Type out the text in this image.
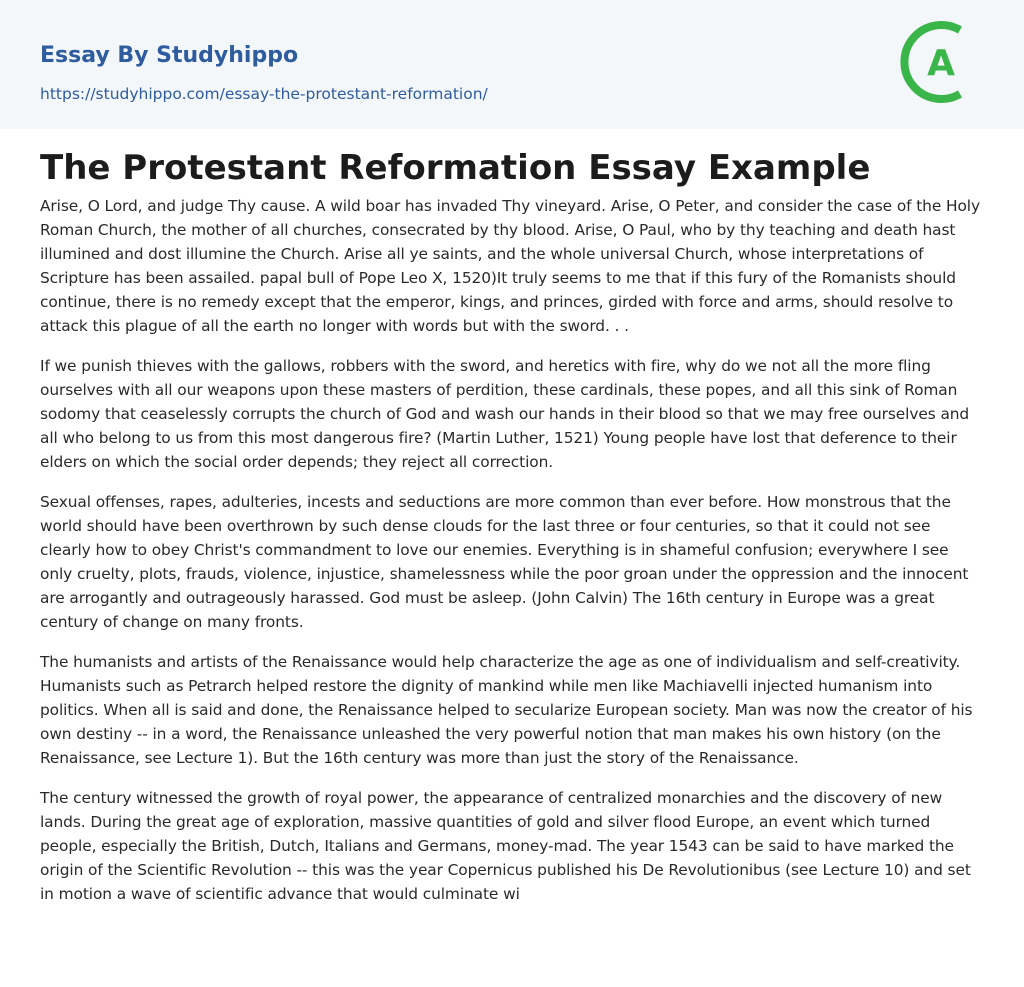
Essay By Studyhippo
https://studyhippo.com/essay-the-protestant-reformation/
A
The Protestant Reformation Essay Example

Arise, O Lord, and judge Thy cause. A wild boar has invaded Thy vineyard. Arise, O Peter, and consider the case of the Holy Roman Church, the mother of all churches, consecrated by thy blood. Arise, O Paul, who by thy teaching and death hast illumined and dost illumine the Church. Arise all ye saints, and the whole universal Church, whose interpretations of Scripture has been assailed. papal bull of Pope Leo X, 1520)It truly seems to me that if this fury of the Romanists should continue, there is no remedy except that the emperor, kings, and princes, girded with force and arms, should resolve to attack this plague of all the earth no longer with words but with the sword. . .

If we punish thieves with the gallows, robbers with the sword, and heretics with fire, why do we not all the more fling ourselves with all our weapons upon these masters of perdition, these cardinals, these popes, and all this sink of Roman sodomy that ceaselessly corrupts the church of God and wash our hands in their blood so that we may free ourselves and all who belong to us from this most dangerous fire? (Martin Luther, 1521) Young people have lost that deference to their elders on which the social order depends; they reject all correction.

Sexual offenses, rapes, adulteries, incests and seductions are more common than ever before. How monstrous that the world should have been overthrown by such dense clouds for the last three or four centuries, so that it could not see clearly how to obey Christ's commandment to love our enemies. Everything is in shameful confusion; everywhere I see only cruelty, plots, frauds, violence, injustice, shamelessness while the poor groan under the oppression and the innocent are arrogantly and outrageously harassed. God must be asleep. (John Calvin) The 16th century in Europe was a great century of change on many fronts.

The humanists and artists of the Renaissance would help characterize the age as one of individualism and self-creativity. Humanists such as Petrarch helped restore the dignity of mankind while men like Machiavelli injected humanism into politics. When all is said and done, the Renaissance helped to secularize European society. Man was now the creator of his own destiny -- in a word, the Renaissance unleashed the very powerful notion that man makes his own history (on the Renaissance, see Lecture 1). But the 16th century was more than just the story of the Renaissance.

The century witnessed the growth of royal power, the appearance of centralized monarchies and the discovery of new lands. During the great age of exploration, massive quantities of gold and silver flood Europe, an event which turned people, especially the British, Dutch, Italians and Germans, money-mad. The year 1543 can be said to have marked the origin of the Scientific Revolution -- this was the year Copernicus published his De Revolutionibus (see Lecture 10) and set in motion a wave of scientific advance that would culminate wi
